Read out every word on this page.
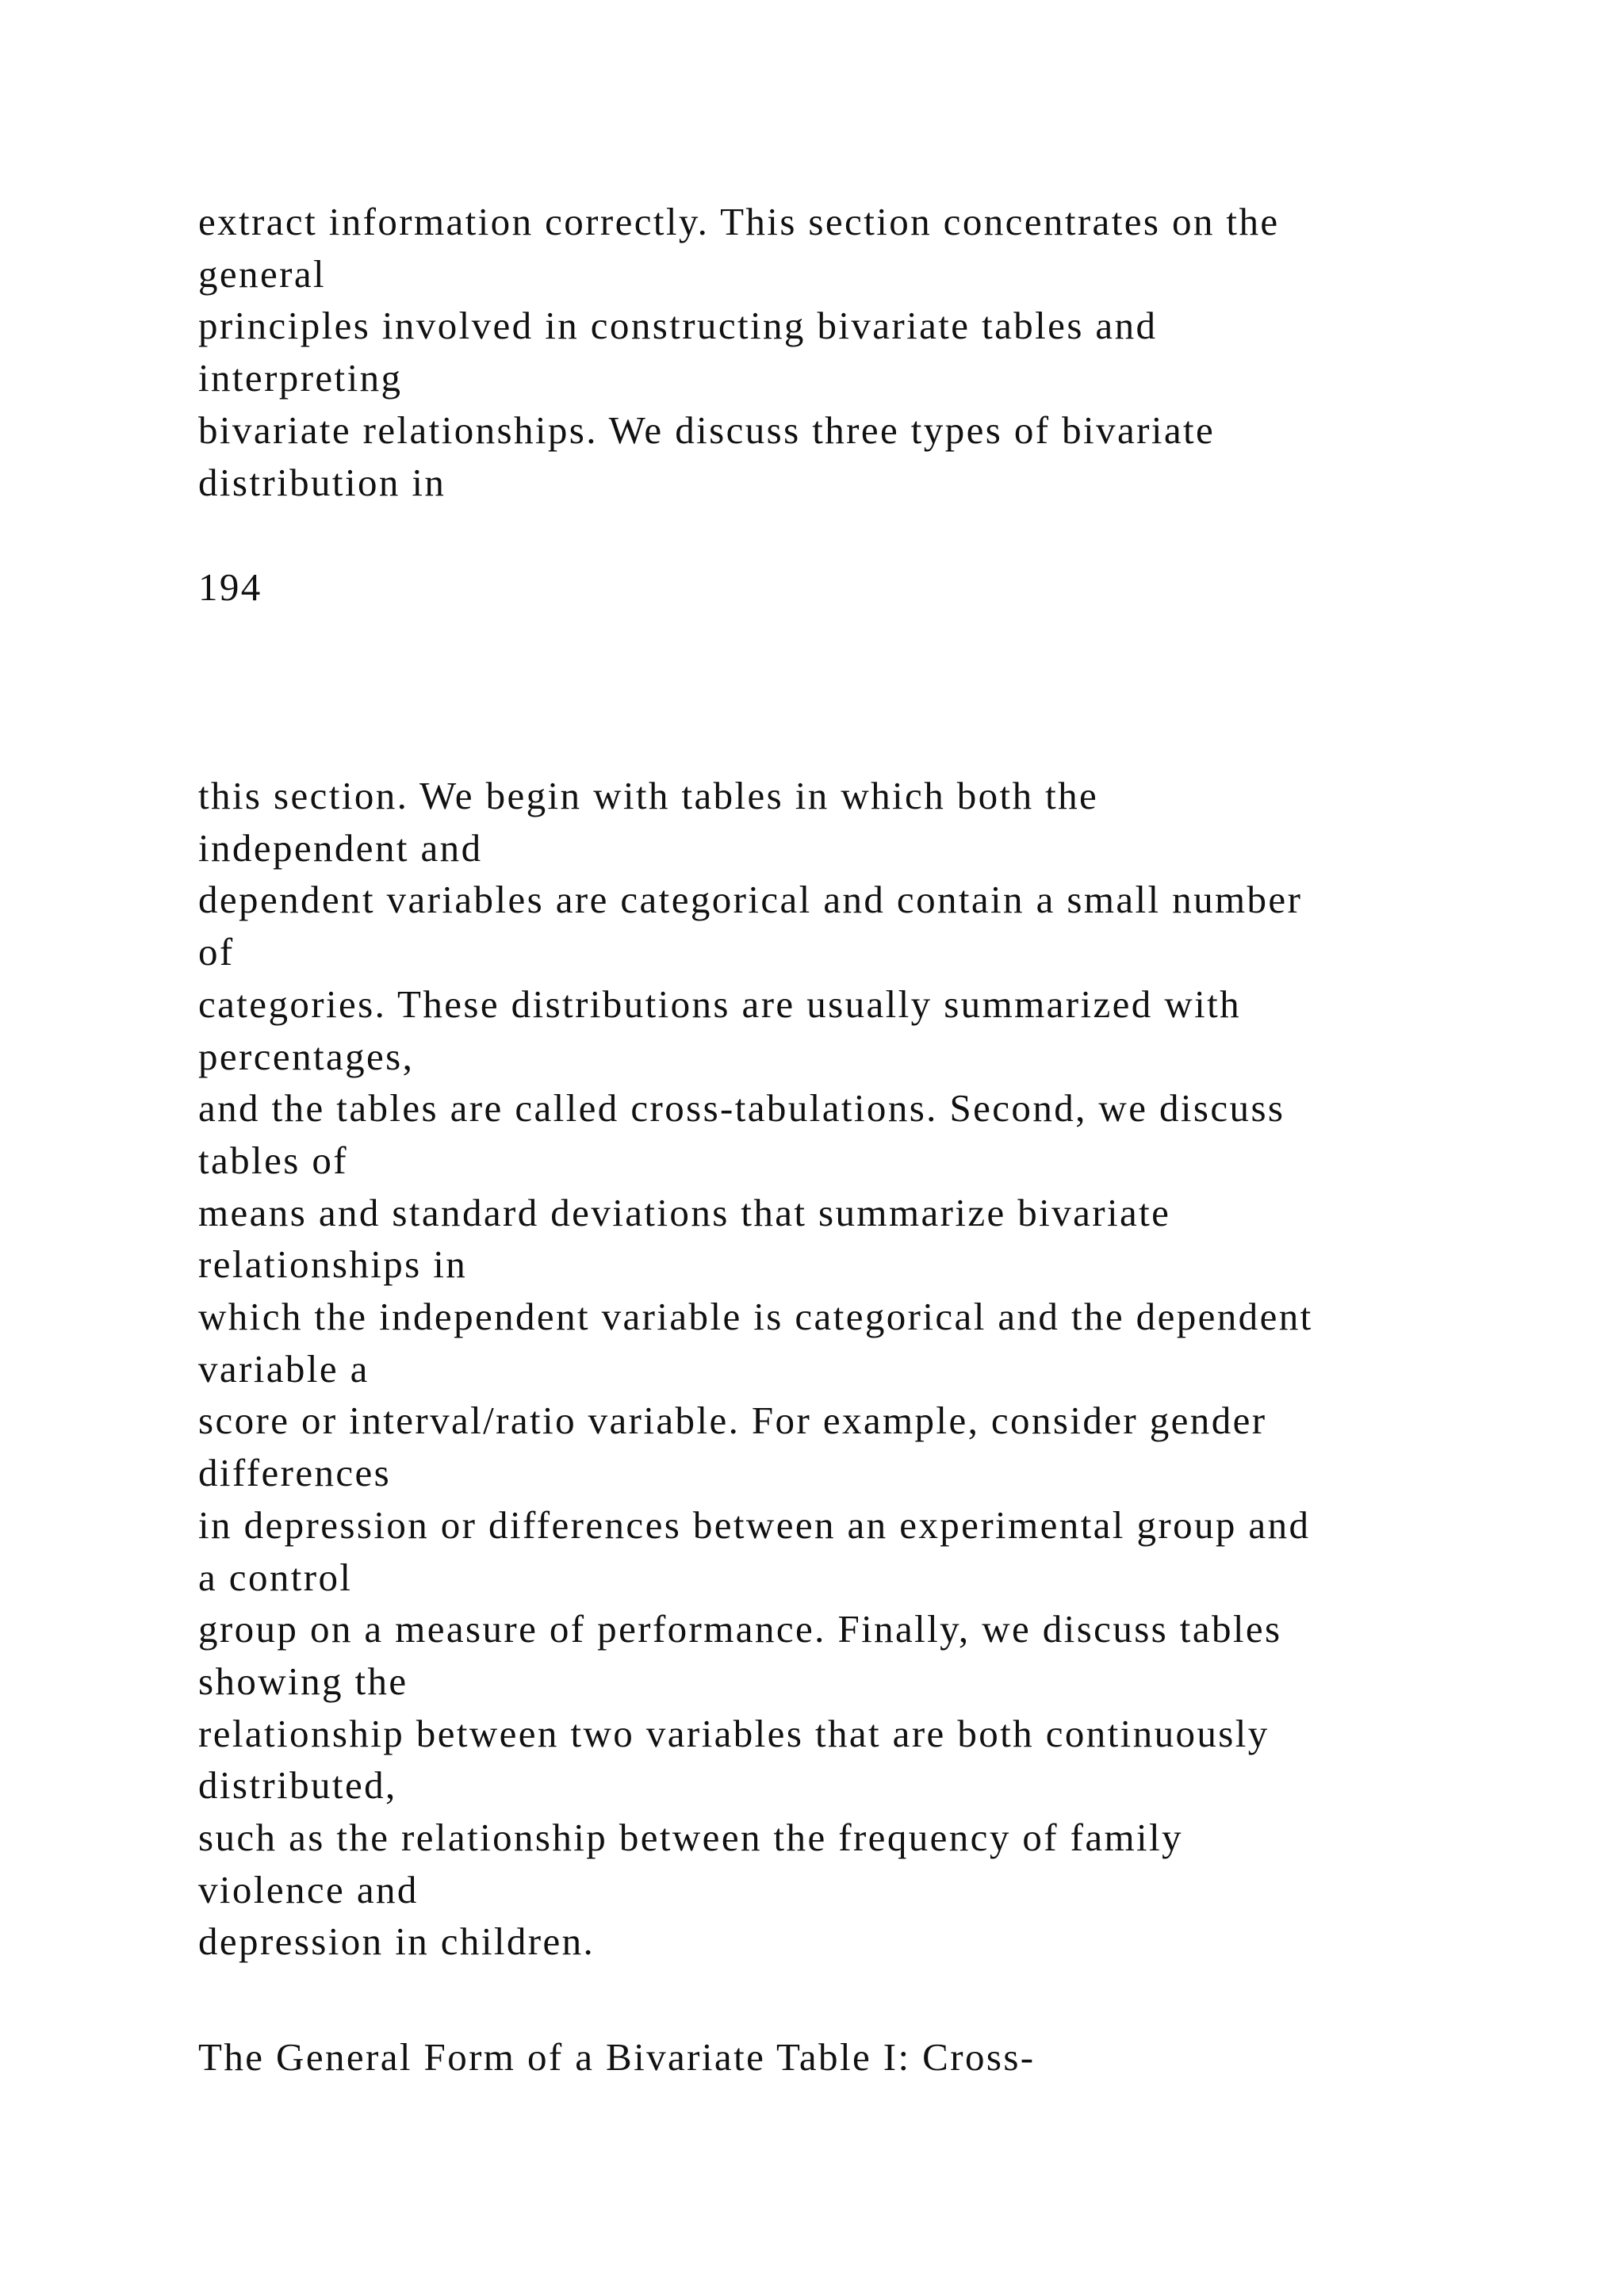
extract information correctly. This section concentrates on the
general
principles involved in constructing bivariate tables and
interpreting
bivariate relationships. We discuss three types of bivariate
distribution in
194
this section. We begin with tables in which both the
independent and
dependent variables are categorical and contain a small number
of
categories. These distributions are usually summarized with
percentages,
and the tables are called cross-tabulations. Second, we discuss
tables of
means and standard deviations that summarize bivariate
relationships in
which the independent variable is categorical and the dependent
variable a
score or interval/ratio variable. For example, consider gender
differences
in depression or differences between an experimental group and
a control
group on a measure of performance. Finally, we discuss tables
showing the
relationship between two variables that are both continuously
distributed,
such as the relationship between the frequency of family
violence and
depression in children.
The General Form of a Bivariate Table I: Cross-
